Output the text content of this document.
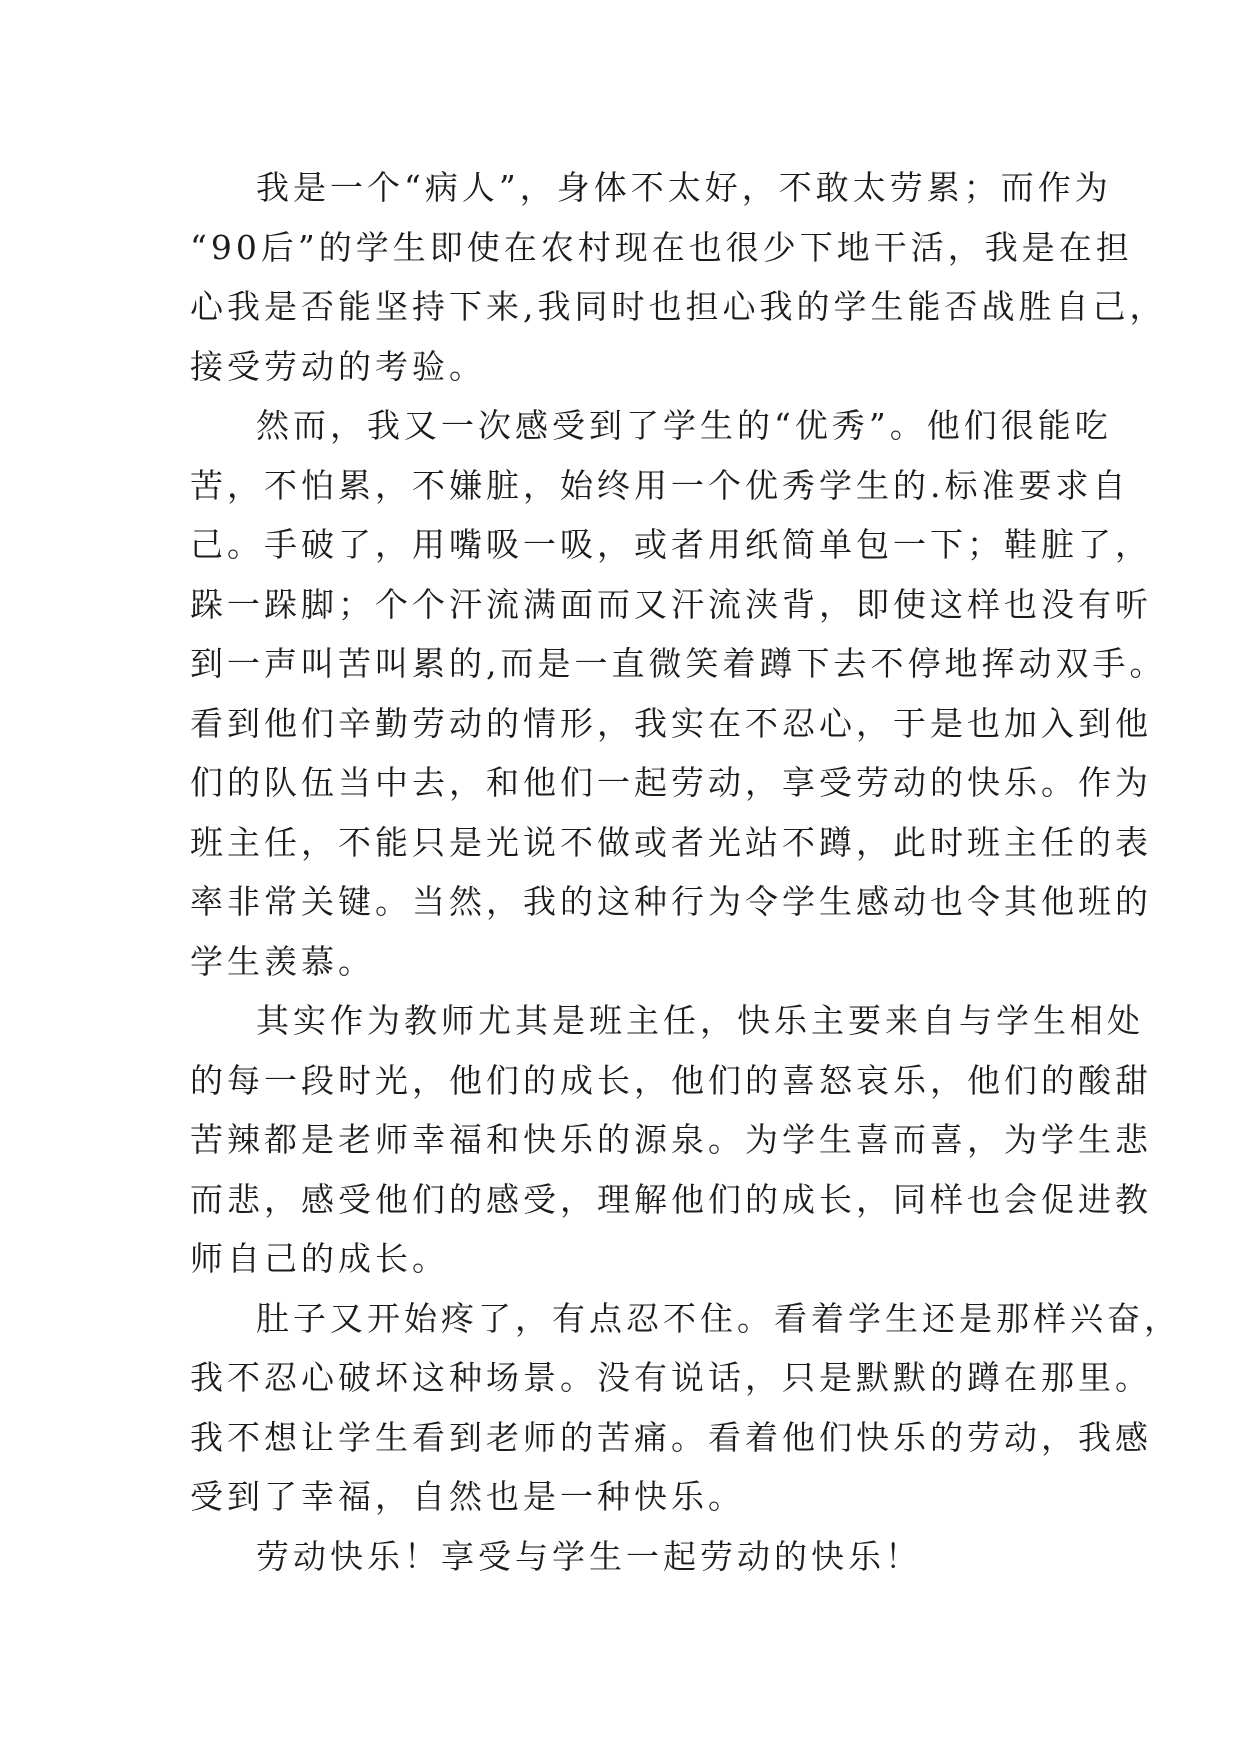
我是一个“病人”，身体不太好，不敢太劳累；而作为
“90后”的学生即使在农村现在也很少下地干活，我是在担
心我是否能坚持下来,我同时也担心我的学生能否战胜自己，
接受劳动的考验。
然而，我又一次感受到了学生的“优秀”。他们很能吃
苦，不怕累，不嫌脏，始终用一个优秀学生的.标准要求自
己。手破了，用嘴吸一吸，或者用纸简单包一下；鞋脏了，
跺一跺脚；个个汗流满面而又汗流浃背，即使这样也没有听
到一声叫苦叫累的,而是一直微笑着蹲下去不停地挥动双手。
看到他们辛勤劳动的情形，我实在不忍心，于是也加入到他
们的队伍当中去，和他们一起劳动，享受劳动的快乐。作为
班主任，不能只是光说不做或者光站不蹲，此时班主任的表
率非常关键。当然，我的这种行为令学生感动也令其他班的
学生羡慕。
其实作为教师尤其是班主任，快乐主要来自与学生相处
的每一段时光，他们的成长，他们的喜怒哀乐，他们的酸甜
苦辣都是老师幸福和快乐的源泉。为学生喜而喜，为学生悲
而悲，感受他们的感受，理解他们的成长，同样也会促进教
师自己的成长。
肚子又开始疼了，有点忍不住。看着学生还是那样兴奋，
我不忍心破坏这种场景。没有说话，只是默默的蹲在那里。
我不想让学生看到老师的苦痛。看着他们快乐的劳动，我感
受到了幸福，自然也是一种快乐。
劳动快乐！享受与学生一起劳动的快乐！
